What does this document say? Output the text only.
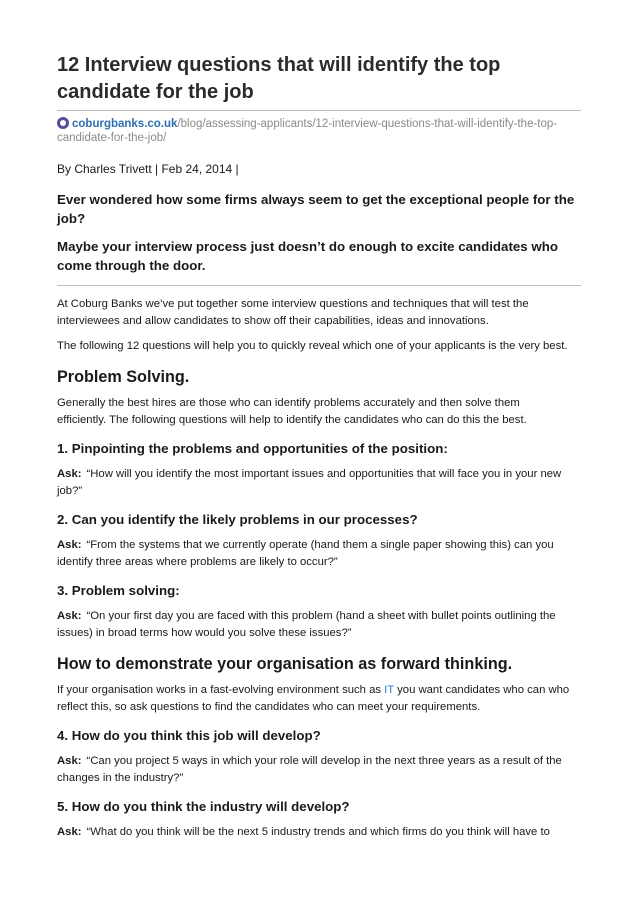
12 Interview questions that will identify the top
candidate for the job
coburgbanks.co.uk/blog/assessing-applicants/12-interview-questions-that-will-identify-the-top-
candidate-for-the-job/
By Charles Trivett | Feb 24, 2014 |

Ever wondered how some firms always seem to get the exceptional people for the
job?

Maybe your interview process just doesn’t do enough to excite candidates who
come through the door.

At Coburg Banks we’ve put together some interview questions and techniques that will test the
interviewees and allow candidates to show off their capabilities, ideas and innovations.

The following 12 questions will help you to quickly reveal which one of your applicants is the very best.

Problem Solving.

Generally the best hires are those who can identify problems accurately and then solve them
efficiently. The following questions will help to identify the candidates who can do this the best.

1. Pinpointing the problems and opportunities of the position:

Ask: “How will you identify the most important issues and opportunities that will face you in your new
job?”

2. Can you identify the likely problems in our processes?

Ask: “From the systems that we currently operate (hand them a single paper showing this) can you
identify three areas where problems are likely to occur?”

3. Problem solving:

Ask: “On your first day you are faced with this problem (hand a sheet with bullet points outlining the
issues) in broad terms how would you solve these issues?”

How to demonstrate your organisation as forward thinking.

If your organisation works in a fast-evolving environment such as IT you want candidates who can who
reflect this, so ask questions to find the candidates who can meet your requirements.

4. How do you think this job will develop?

Ask: “Can you project 5 ways in which your role will develop in the next three years as a result of the
changes in the industry?”

5. How do you think the industry will develop?

Ask: “What do you think will be the next 5 industry trends and which firms do you think will have to
